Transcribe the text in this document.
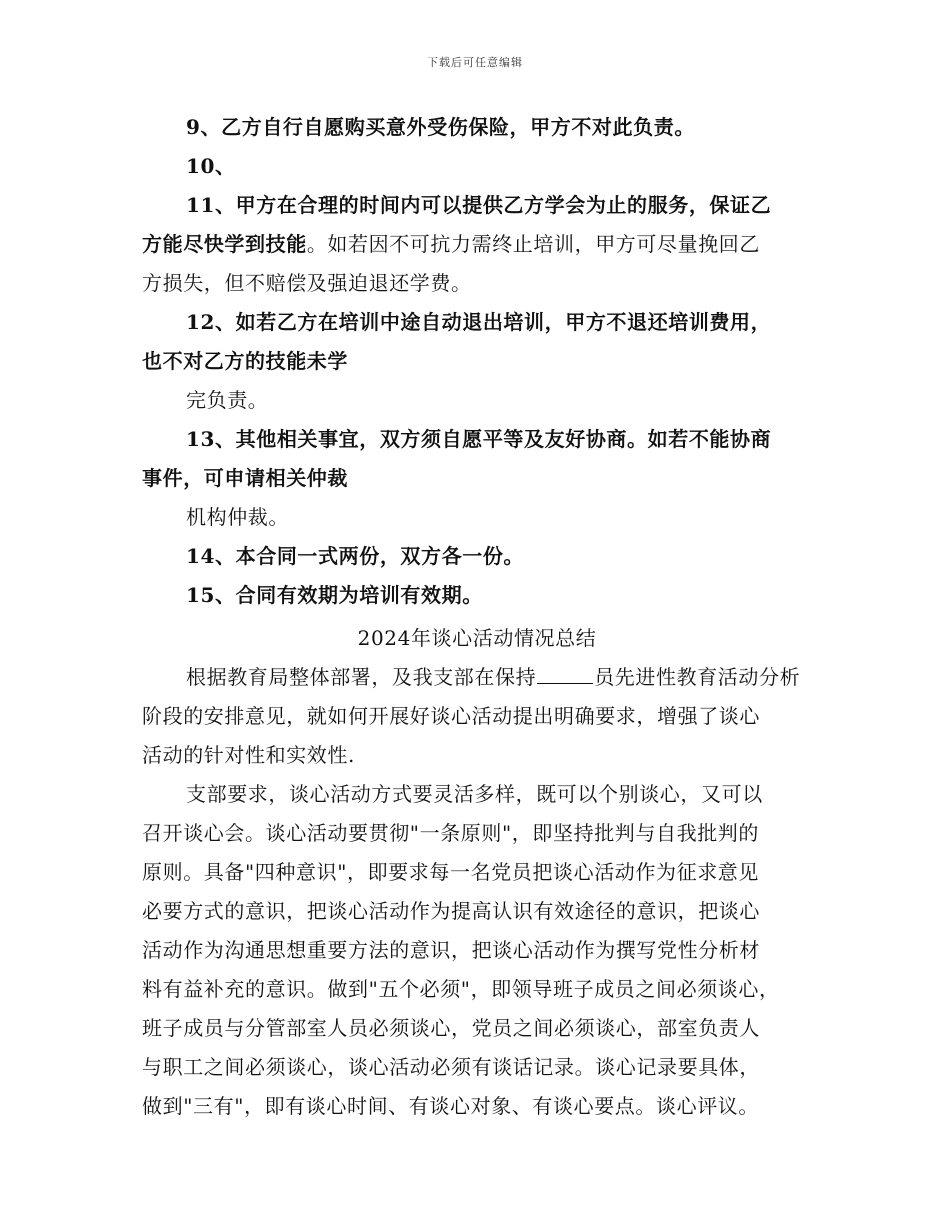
下载后可任意编辑
9、乙方自行自愿购买意外受伤保险，甲方不对此负责。
10、
11、甲方在合理的时间内可以提供乙方学会为止的服务，保证乙
方能尽快学到技能。如若因不可抗力需终止培训，甲方可尽量挽回乙
方损失，但不赔偿及强迫退还学费。
12、如若乙方在培训中途自动退出培训，甲方不退还培训费用，
也不对乙方的技能未学
完负责。
13、其他相关事宜，双方须自愿平等及友好协商。如若不能协商
事件，可申请相关仲裁
机构仲裁。
14、本合同一式两份，双方各一份。
15、合同有效期为培训有效期。
2024年谈心活动情况总结
根据教育局整体部署，及我支部在保持	员先进性教育活动分析
阶段的安排意见，就如何开展好谈心活动提出明确要求，增强了谈心
活动的针对性和实效性.
支部要求，谈心活动方式要灵活多样，既可以个别谈心，又可以
召开谈心会。谈心活动要贯彻"一条原则"，即坚持批判与自我批判的
原则。具备"四种意识"，即要求每一名党员把谈心活动作为征求意见
必要方式的意识，把谈心活动作为提高认识有效途径的意识，把谈心
活动作为沟通思想重要方法的意识，把谈心活动作为撰写党性分析材
料有益补充的意识。做到"五个必须"，即领导班子成员之间必须谈心，
班子成员与分管部室人员必须谈心，党员之间必须谈心，部室负责人
与职工之间必须谈心，谈心活动必须有谈话记录。谈心记录要具体，
做到"三有"，即有谈心时间、有谈心对象、有谈心要点。谈心评议。
